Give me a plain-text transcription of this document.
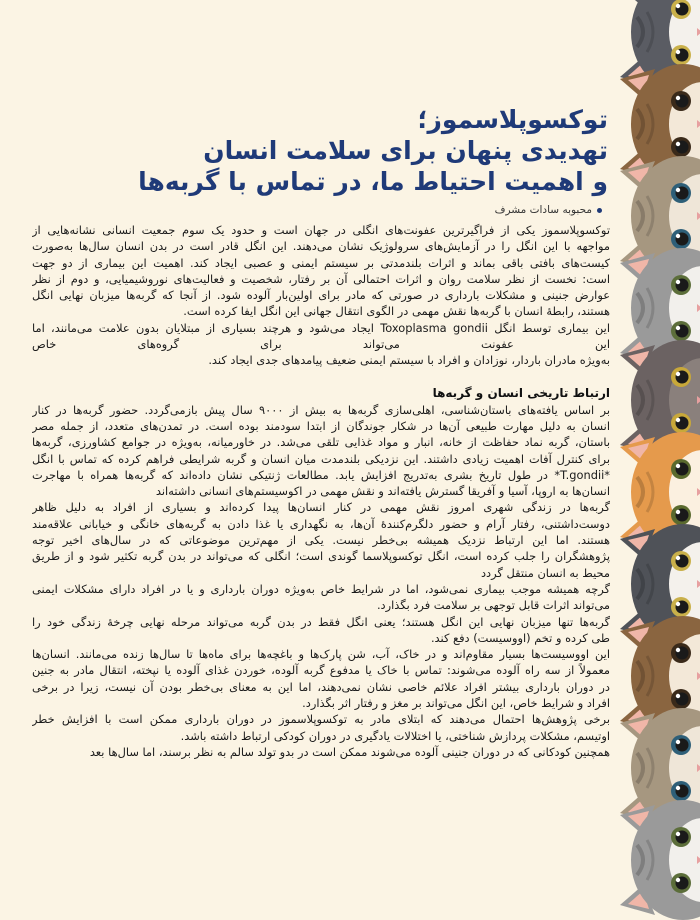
توکسوپلاسموز؛
تهدیدی پنهان برای سلامت انسان
و اهمیت احتیاط ما، در تماس با گربه‌ها
محبوبه سادات مشرف

توکسوپلاسموز یکی از فراگیرترین عفونت‌های انگلی در جهان است و حدود یک سوم جمعیت انسانی نشانه‌هایی از
مواجهه با این انگل را در آزمایش‌های سرولوژیک نشان می‌دهند. این انگل قادر است در بدن انسان سال‌ها به‌صورت
کیست‌های بافتی باقی بماند و اثرات بلندمدتی بر سیستم ایمنی و عصبی ایجاد کند. اهمیت این بیماری از دو جهت
است: نخست از نظر سلامت روان و اثرات احتمالی آن بر رفتار، شخصیت و فعالیت‌های نوروشیمیایی، و دوم از نظر
عوارض جنینی و مشکلات بارداری در صورتی که مادر برای اولین‌بار آلوده شود. از آنجا که گربه‌ها میزبان نهایی انگل
هستند، رابطهٔ انسان با گربه‌ها نقش مهمی در الگوی انتقال جهانی این انگل ایفا کرده است.

این بیماری توسط انگل Toxoplasma gondii ایجاد می‌شود و هرچند بسیاری از مبتلایان بدون علامت می‌مانند، اما
این عفونت می‌تواند برای گروه‌های خاص
به‌ویژه مادران باردار، نوزادان و افراد با سیستم ایمنی ضعیف پیامدهای جدی ایجاد کند.

ارتباط تاریخی انسان و گربه‌ها

بر اساس یافته‌های باستان‌شناسی، اهلی‌سازی گربه‌ها به بیش از ۹۰۰۰ سال پیش بازمی‌گردد. حضور گربه‌ها در کنار
انسان به دلیل مهارت طبیعی آن‌ها در شکار جوندگان از ابتدا سودمند بوده است. در تمدن‌های متعدد، از جمله مصر
باستان، گربه نماد حفاظت از خانه، انبار و مواد غذایی تلقی می‌شد. در خاورمیانه، به‌ویژه در جوامع کشاورزی، گربه‌ها
برای کنترل آفات اهمیت زیادی داشتند. این نزدیکی بلندمدت میان انسان و گربه شرایطی فراهم کرده که تماس با انگل
*T.gondii* در طول تاریخ بشری به‌تدریج افزایش یابد. مطالعات ژنتیکی نشان داده‌اند که گربه‌ها همراه با مهاجرت
انسان‌ها به اروپا، آسیا و آفریقا گسترش یافته‌اند و نقش مهمی در اکوسیستم‌های انسانی داشته‌اند

گربه‌ها در زندگی شهری امروز نقش مهمی در کنار انسان‌ها پیدا کرده‌اند و بسیاری از افراد به دلیل ظاهر
دوست‌داشتنی، رفتار آرام و حضور دلگرم‌کنندهٔ آن‌ها، به نگهداری یا غذا دادن به گربه‌های خانگی و خیابانی علاقه‌مند
هستند. اما این ارتباط نزدیک همیشه بی‌خطر نیست. یکی از مهم‌ترین موضوعاتی که در سال‌های اخیر توجه
پژوهشگران را جلب کرده است، انگل توکسوپلاسما گوندی است؛ انگلی که می‌تواند در بدن گربه تکثیر شود و از طریق
محیط به انسان منتقل گردد

گرچه همیشه موجب بیماری نمی‌شود، اما در شرایط خاص به‌ویژه دوران بارداری و یا در افراد دارای مشکلات ایمنی
می‌تواند اثرات قابل توجهی بر سلامت فرد بگذارد.

گربه‌ها تنها میزبان نهایی این انگل هستند؛ یعنی انگل فقط در بدن گربه می‌تواند مرحله نهایی چرخهٔ زندگی خود را
طی کرده و تخم (اووسیست) دفع کند.

این اووسیست‌ها بسیار مقاوم‌اند و در خاک، آب، شن پارک‌ها و باغچه‌ها برای ماه‌ها تا سال‌ها زنده می‌مانند. انسان‌ها
معمولاً از سه راه آلوده می‌شوند: تماس با خاک یا مدفوع گربه آلوده، خوردن غذای آلوده یا نپخته، انتقال مادر به جنین
در دوران بارداری بیشتر افراد علائم خاصی نشان نمی‌دهند، اما این به معنای بی‌خطر بودن آن نیست، زیرا در برخی
افراد و شرایط خاص، این انگل می‌تواند بر مغز و رفتار اثر بگذارد.

برخی پژوهش‌ها احتمال می‌دهند که ابتلای مادر به توکسوپلاسموز در دوران بارداری ممکن است با افزایش خطر
اوتیسم، مشکلات پردازش شناختی، یا اختلالات یادگیری در دوران کودکی ارتباط داشته باشد.

همچنین کودکانی که در دوران جنینی آلوده می‌شوند ممکن است در بدو تولد سالم به نظر برسند، اما سال‌ها بعد
